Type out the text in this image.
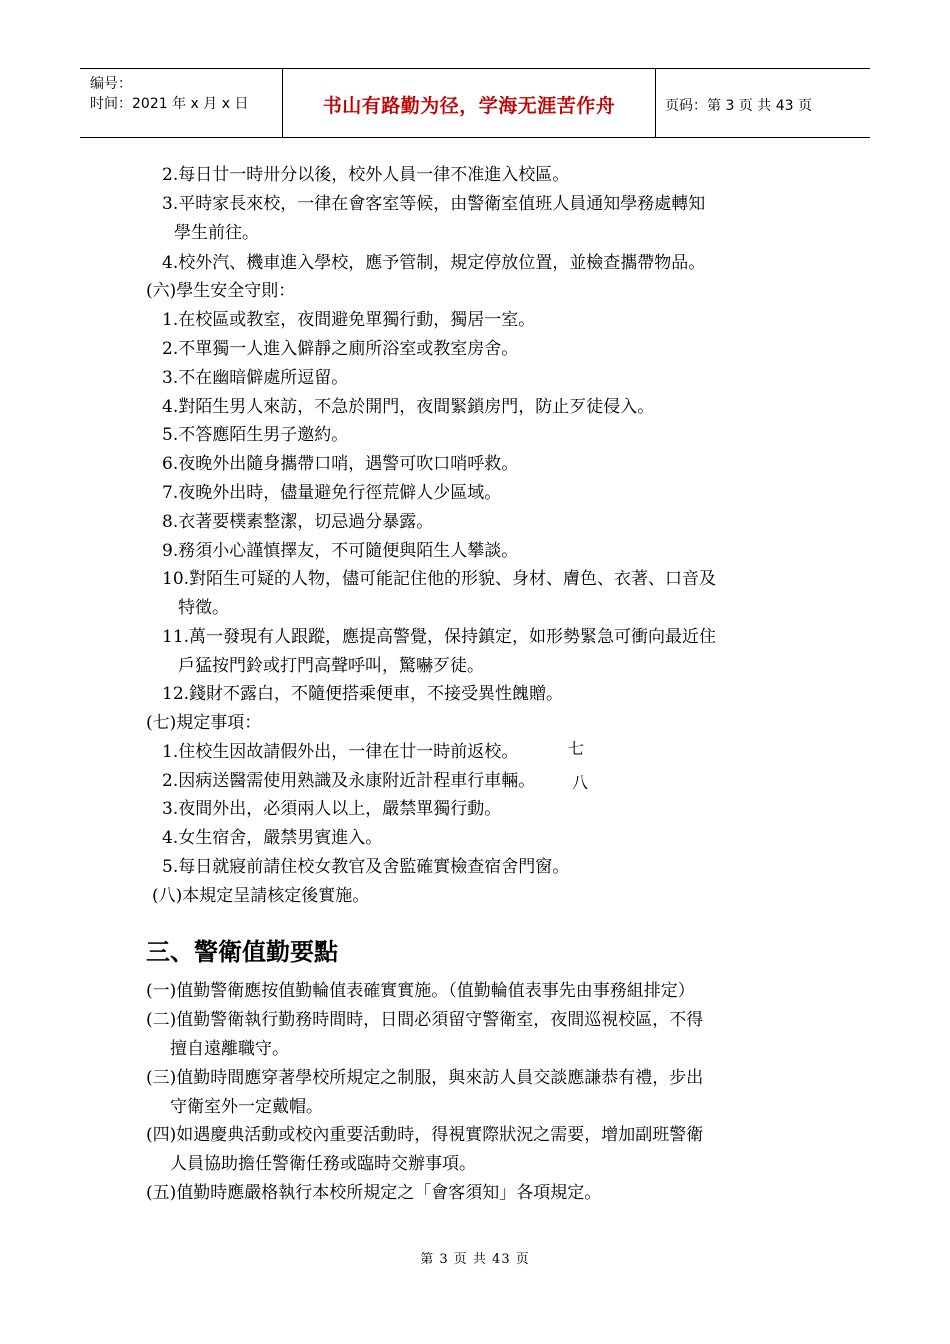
编号：
时间：2021 年 x 月 x 日	书山有路勤为径，学海无涯苦作舟	页码：第 3 页 共 43 页
2.每日廿一時卅分以後，校外人員一律不准進入校區。
3.平時家長來校，一律在會客室等候，由警衛室值班人員通知學務處轉知
學生前往。
4.校外汽、機車進入學校，應予管制，規定停放位置，並檢查攜帶物品。
(六)學生安全守則：
1.在校區或教室，夜間避免單獨行動，獨居一室。
2.不單獨一人進入僻靜之廁所浴室或教室房舍。
3.不在幽暗僻處所逗留。
4.對陌生男人來訪，不急於開門，夜間緊鎖房門，防止歹徒侵入。
5.不答應陌生男子邀約。
6.夜晚外出隨身攜帶口哨，遇警可吹口哨呼救。
7.夜晚外出時，儘量避免行徑荒僻人少區域。
8.衣著要樸素整潔，切忌過分暴露。
9.務須小心謹慎擇友，不可隨便與陌生人攀談。
10.對陌生可疑的人物，儘可能記住他的形貌、身材、膚色、衣著、口音及
特徵。
11.萬一發現有人跟蹤，應提高警覺，保持鎮定，如形勢緊急可衝向最近住
戶猛按門鈴或打門高聲呼叫，驚嚇歹徒。
12.錢財不露白，不隨便搭乘便車，不接受異性餽贈。
(七)規定事項：
1.住校生因故請假外出，一律在廿一時前返校。
2.因病送醫需使用熟識及永康附近計程車行車輛。
3.夜間外出，必須兩人以上，嚴禁單獨行動。
4.女生宿舍，嚴禁男賓進入。
5.每日就寢前請住校女教官及舍監確實檢查宿舍門窗。
(八)本規定呈請核定後實施。
七
八
三、警衛值勤要點
(一)值勤警衛應按值勤輪值表確實實施。（值勤輪值表事先由事務組排定）
(二)值勤警衛執行勤務時間時，日間必須留守警衛室，夜間巡視校區，不得
擅自遠離職守。
(三)值勤時間應穿著學校所規定之制服，與來訪人員交談應謙恭有禮，步出
守衛室外一定戴帽。
(四)如遇慶典活動或校內重要活動時，得視實際狀況之需要，增加副班警衛
人員協助擔任警衛任務或臨時交辦事項。
(五)值勤時應嚴格執行本校所規定之「會客須知」各項規定。
第 3 页 共 43 页
